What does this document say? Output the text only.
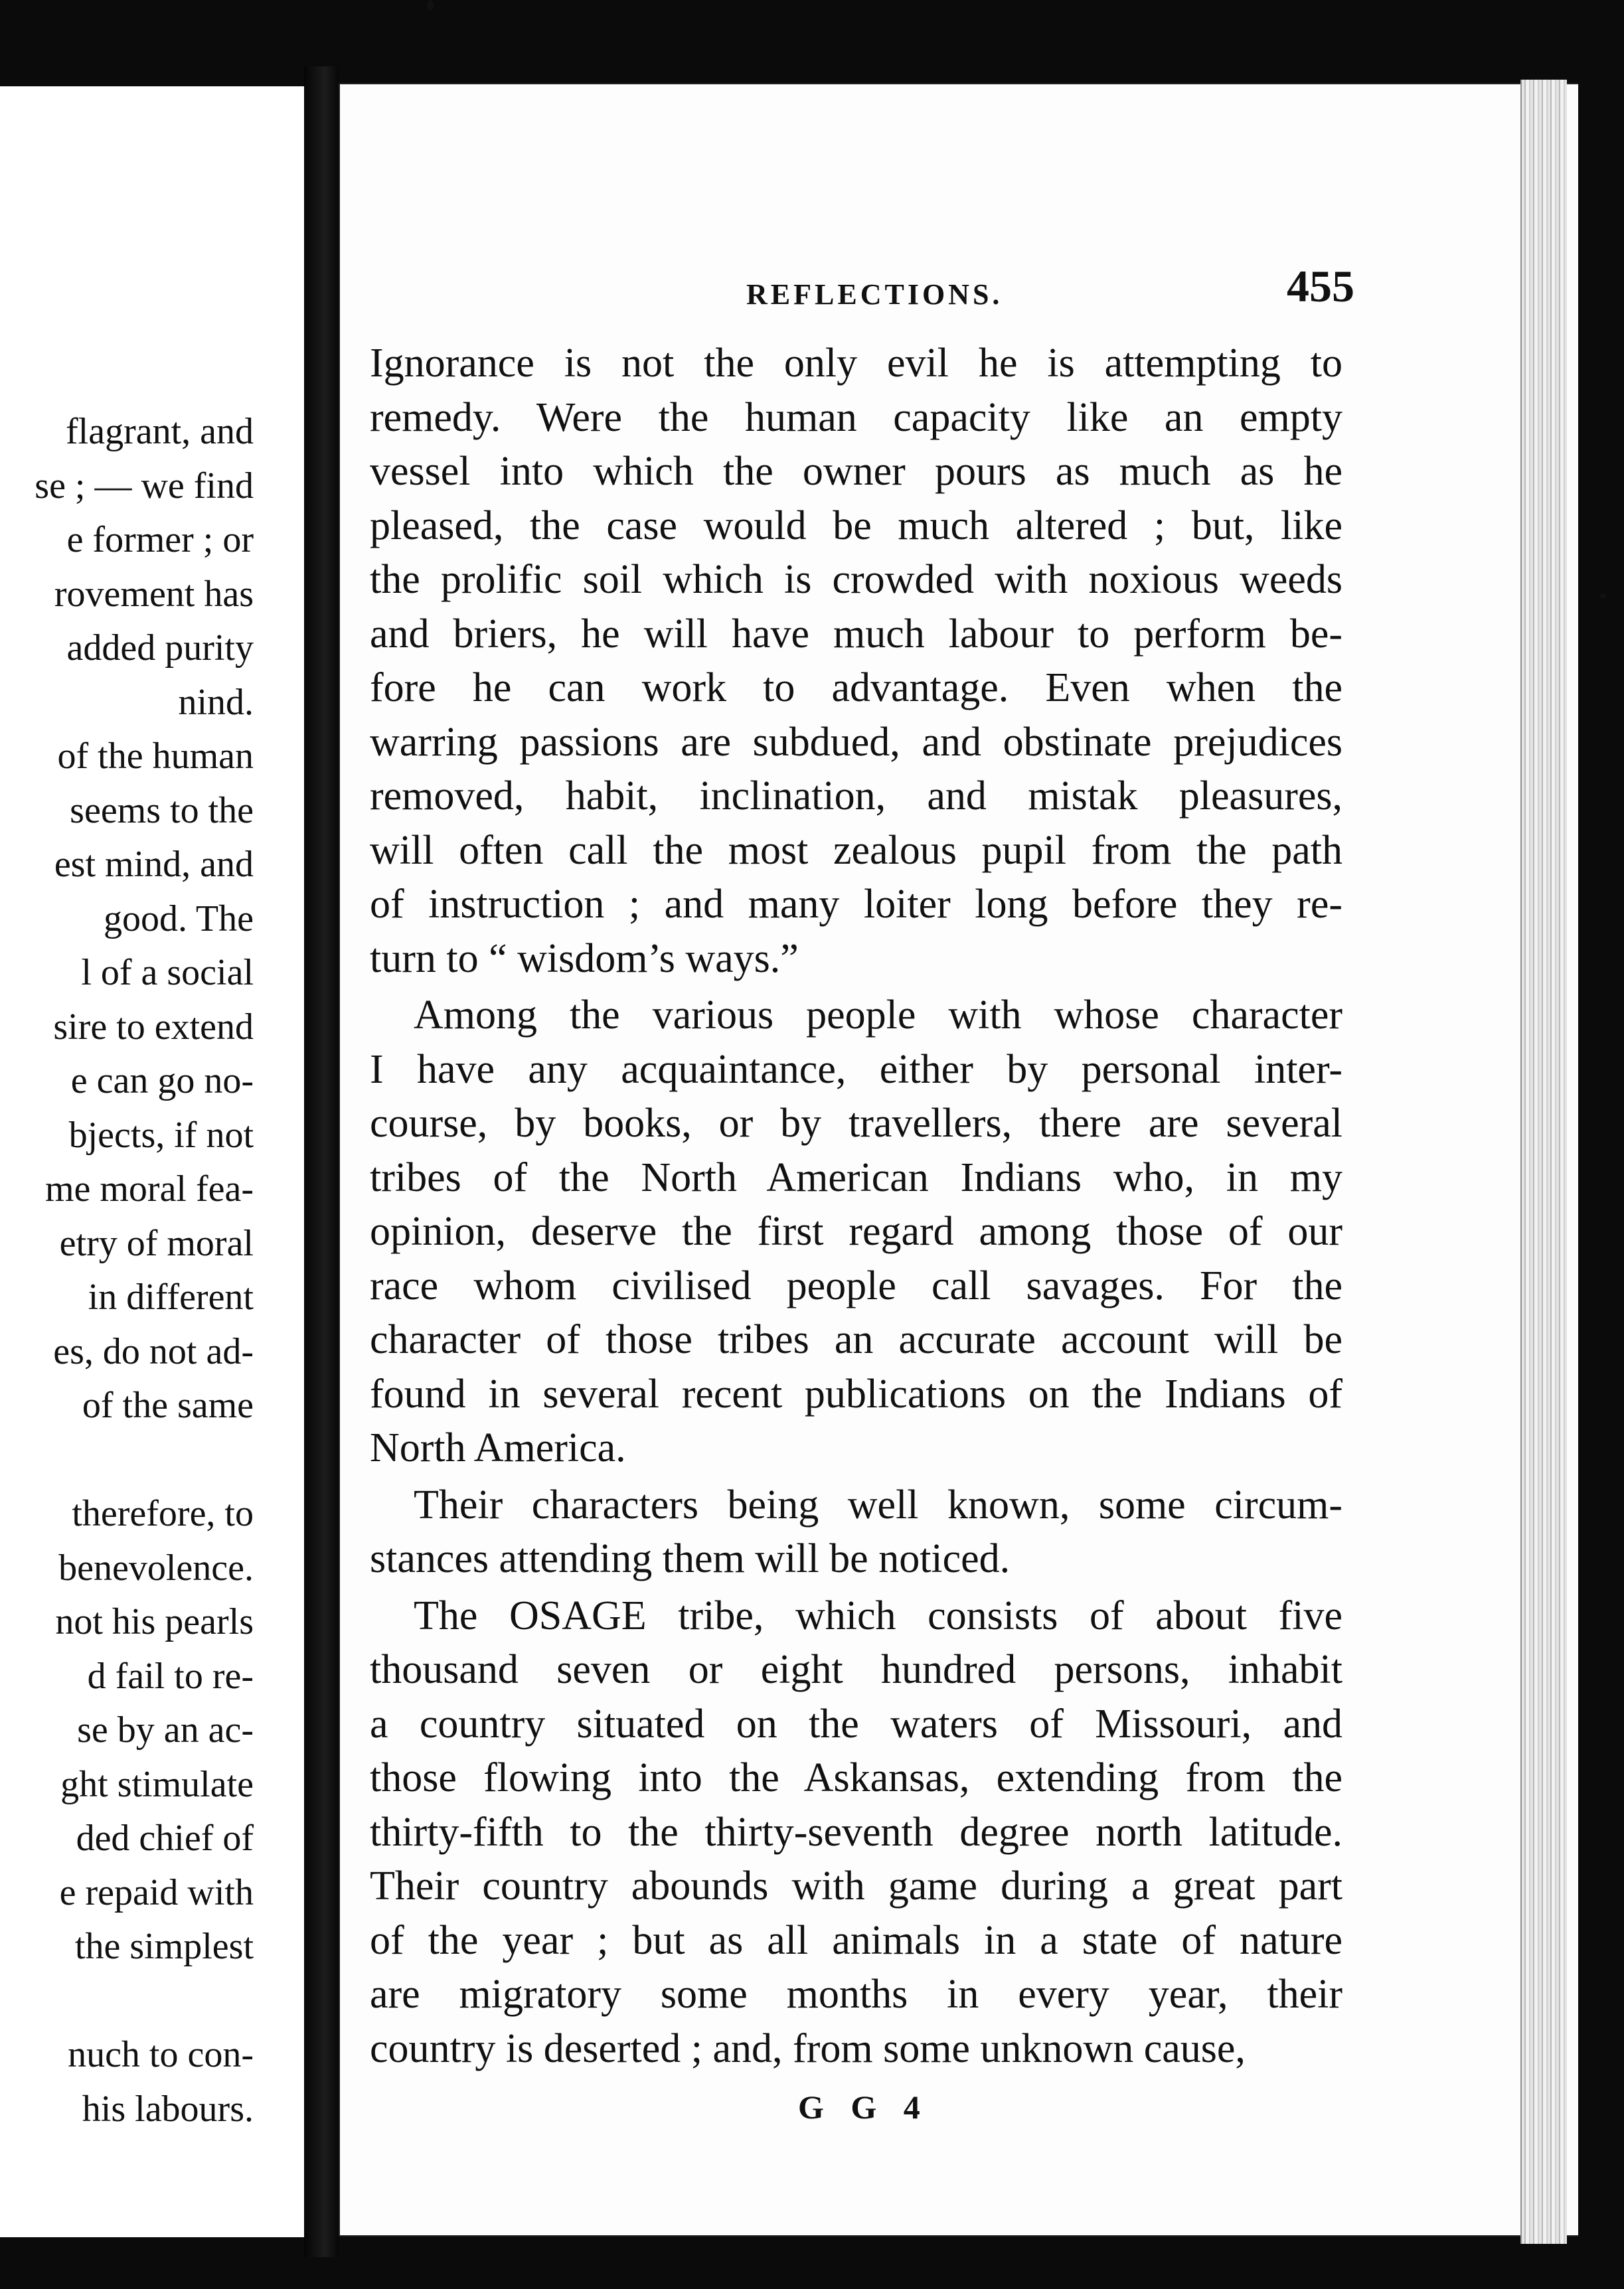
flagrant, and
se ; — we find
e former ; or
rovement has
added purity
nind.
of the human
seems to the
est mind, and
good. The
l of a social
sire to extend
e can go no-
bjects, if not
me moral fea-
etry of moral
in different
es, do not ad-
of the same
therefore, to
benevolence.
not his pearls
d fail to re-
se by an ac-
ght stimulate
ded chief of
e repaid with
the simplest
nuch to con-
his labours.
REFLECTIONS.	455
Ignorance is not the only evil he is attempting to
remedy. Were the human capacity like an empty
vessel into which the owner pours as much as he
pleased, the case would be much altered ; but, like
the prolific soil which is crowded with noxious weeds
and briers, he will have much labour to perform be-
fore he can work to advantage. Even when the
warring passions are subdued, and obstinate prejudices
removed, habit, inclination, and mistak pleasures,
will often call the most zealous pupil from the path
of instruction ; and many loiter long before they re-
turn to “ wisdom’s ways.”
Among the various people with whose character
I have any acquaintance, either by personal inter-
course, by books, or by travellers, there are several
tribes of the North American Indians who, in my
opinion, deserve the first regard among those of our
race whom civilised people call savages. For the
character of those tribes an accurate account will be
found in several recent publications on the Indians of
North America.
Their characters being well known, some circum-
stances attending them will be noticed.
The OSAGE tribe, which consists of about five
thousand seven or eight hundred persons, inhabit
a country situated on the waters of Missouri, and
those flowing into the Askansas, extending from the
thirty-fifth to the thirty-seventh degree north latitude.
Their country abounds with game during a great part
of the year ; but as all animals in a state of nature
are migratory some months in every year, their
country is deserted ; and, from some unknown cause,
G G 4
